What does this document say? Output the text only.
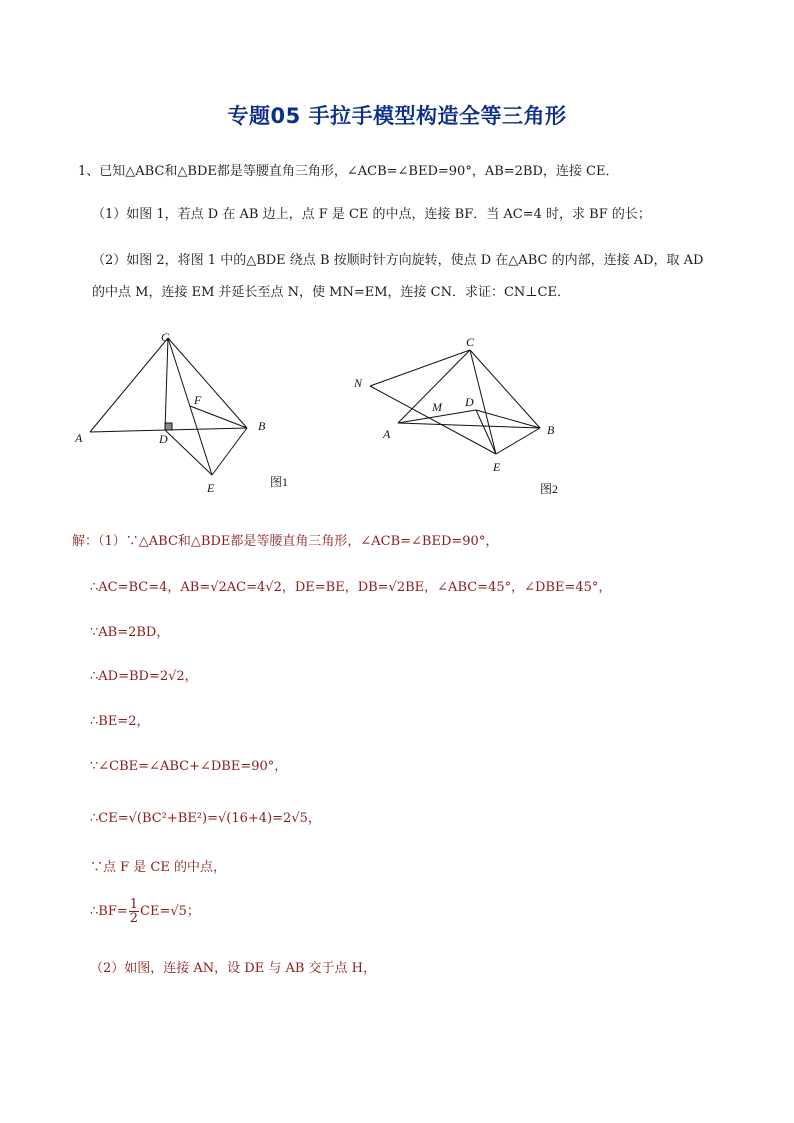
专题05 手拉手模型构造全等三角形
1、已知△ABC和△BDE都是等腰直角三角形，∠ACB=∠BED=90°，AB=2BD，连接 CE．
（1）如图 1，若点 D 在 AB 边上，点 F 是 CE 的中点，连接 BF．当 AC=4 时，求 BF 的长；
（2）如图 2，将图 1 中的△BDE 绕点 B 按顺时针方向旋转，使点 D 在△ABC 的内部，连接 AD，取 AD
的中点 M，连接 EM 并延长至点 N，使 MN=EM，连接 CN．求证：CN⊥CE．
C
A	D
F
B
E	图1
C
N
M D
A	B
E
图2
解：（1）∵△ABC和△BDE都是等腰直角三角形，∠ACB=∠BED=90°，
∴AC=BC=4，AB=√2AC=4√2，DE=BE，DB=√2BE，∠ABC=45°，∠DBE=45°，
∵AB=2BD，
∴AD=BD=2√2，
∴BE=2，
∵∠CBE=∠ABC+∠DBE=90°，
∴CE=√(BC²+BE²)=√(16+4)=2√5，
∵点 F 是 CE 的中点，
∴BF= $\frac{1}{2} CE=√5$；
（2）如图，连接 AN，设 DE 与 AB 交于点 H，
